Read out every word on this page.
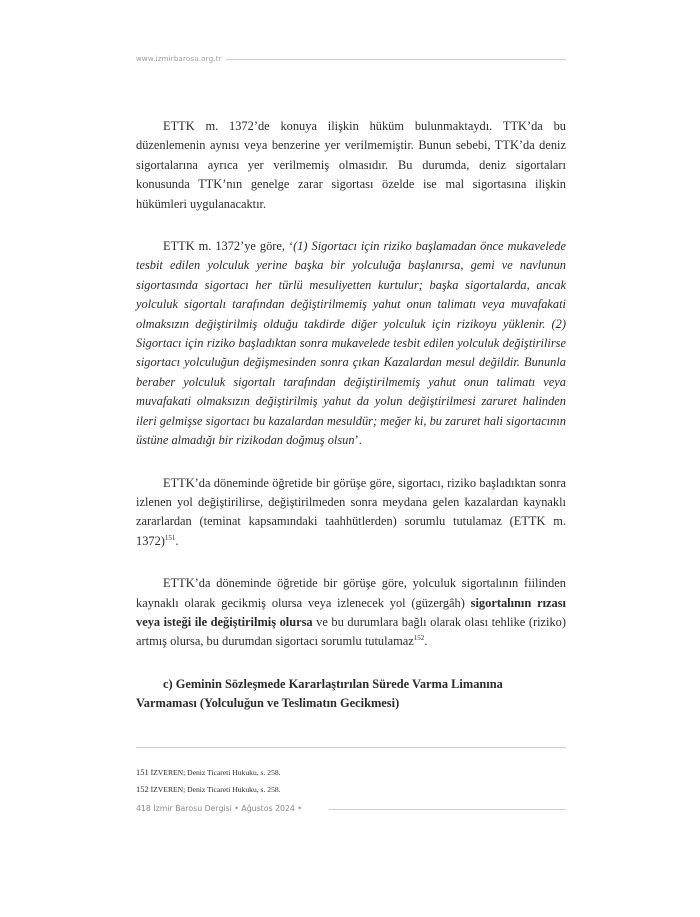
www.izmirbarosu.org.tr

ETTK m. 1372’de konuya ilişkin hüküm bulunmaktaydı. TTK’da bu düzenlemenin aynısı veya benzerine yer verilmemiştir. Bunun sebebi, TTK’da deniz sigortalarına ayrıca yer verilmemiş olmasıdır. Bu durumda, deniz sigortaları konusunda TTK’nın genelge zarar sigortası özelde ise mal sigortasına ilişkin hükümleri uygulanacaktır.

ETTK m. 1372’ye göre, ‘(1) Sigortacı için riziko başlamadan önce mukavelede tesbit edilen yolculuk yerine başka bir yolculuğa başlanırsa, gemi ve navlunun sigortasında sigortacı her türlü mesuliyetten kurtulur; başka sigortalarda, ancak yolculuk sigortalı tarafından değiştirilmemiş yahut onun talimatı veya muvafakati olmaksızın değiştirilmiş olduğu takdirde diğer yolculuk için rizikoyu yüklenir. (2) Sigortacı için riziko başladıktan sonra mukavelede tesbit edilen yolculuk değiştirilirse sigortacı yolculuğun değişmesinden sonra çıkan Kazalardan mesul değildir. Bununla beraber yolculuk sigortalı tarafından değiştirilmemiş yahut onun talimatı veya muvafakati olmaksızın değiştirilmiş yahut da yolun değiştirilmesi zaruret halinden ileri gelmişse sigortacı bu kazalardan mesuldür; meğer ki, bu zaruret hali sigortacının üstüne almadığı bir rizikodan doğmuş olsun’.

ETTK’da döneminde öğretide bir görüşe göre, sigortacı, riziko başladıktan sonra izlenen yol değiştirilirse, değiştirilmeden sonra meydana gelen kazalardan kaynaklı zararlardan (teminat kapsamındaki taahhütlerden) sorumlu tutulamaz (ETTK m. 1372)$^{151}$.

ETTK’da döneminde öğretide bir görüşe göre, yolculuk sigortalının fiilinden kaynaklı olarak gecikmiş olursa veya izlenecek yol (güzergâh) sigortalının rızası veya isteği ile değiştirilmiş olursa ve bu durumlara bağlı olarak olası tehlike (riziko) artmış olursa, bu durumdan sigortacı sorumlu tutulamaz$^{152}$.

c) Geminin Sözleşmede Kararlaştırılan Sürede Varma Limanına Varmaması (Yolculuğun ve Teslimatın Gecikmesi)

151 İZVEREN; Deniz Ticareti Hukuku, s. 258.
152 İZVEREN; Deniz Ticareti Hukuku, s. 258.
418 İzmir Barosu Dergisi • Ağustos 2024 •
